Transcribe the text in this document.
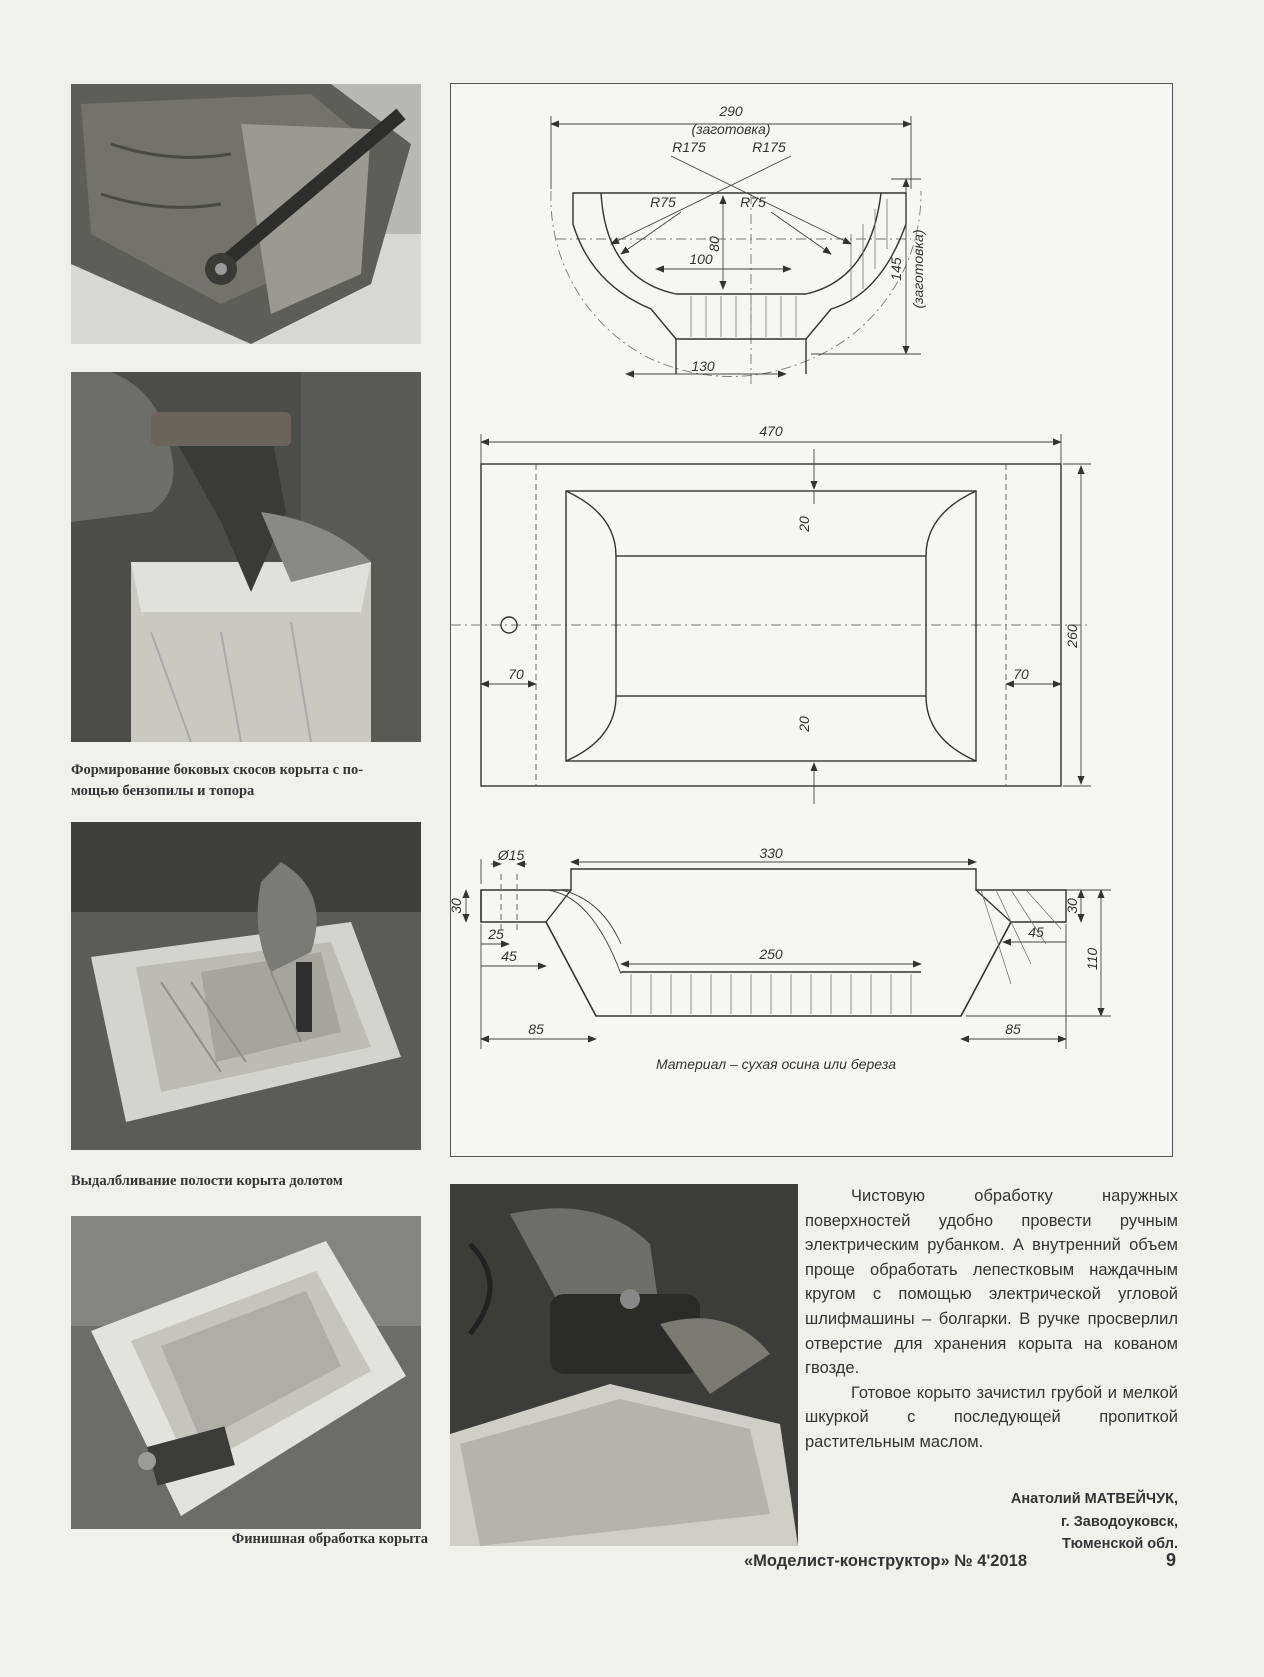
Формирование боковых скосов корыта с по-
мощью бензопилы и топора
Выдалбливание полости корыта долотом
Финишная обработка корыта
290
(заготовка)
R175	R175
R75	R75
80
100	145 (заготовка)
130
470
20
20
70	70
260
Ø15	330
250
30
25
45
85
30
45
110
85
Материал – сухая осина или береза

Чистовую обработку наружных поверхностей удобно провести ручным электрическим рубанком. А внутренний объем проще обработать лепестковым наждачным кругом с помощью электрической угловой шлифмашины – болгарки. В ручке просверлил отверстие для хранения корыта на кованом гвозде.

Готовое корыто зачистил грубой и мелкой шкуркой с последующей пропиткой растительным маслом.

Анатолий МАТВЕЙЧУК,
г. Заводоуковск,
Тюменской обл.
«Моделист-конструктор» № 4'2018	9
